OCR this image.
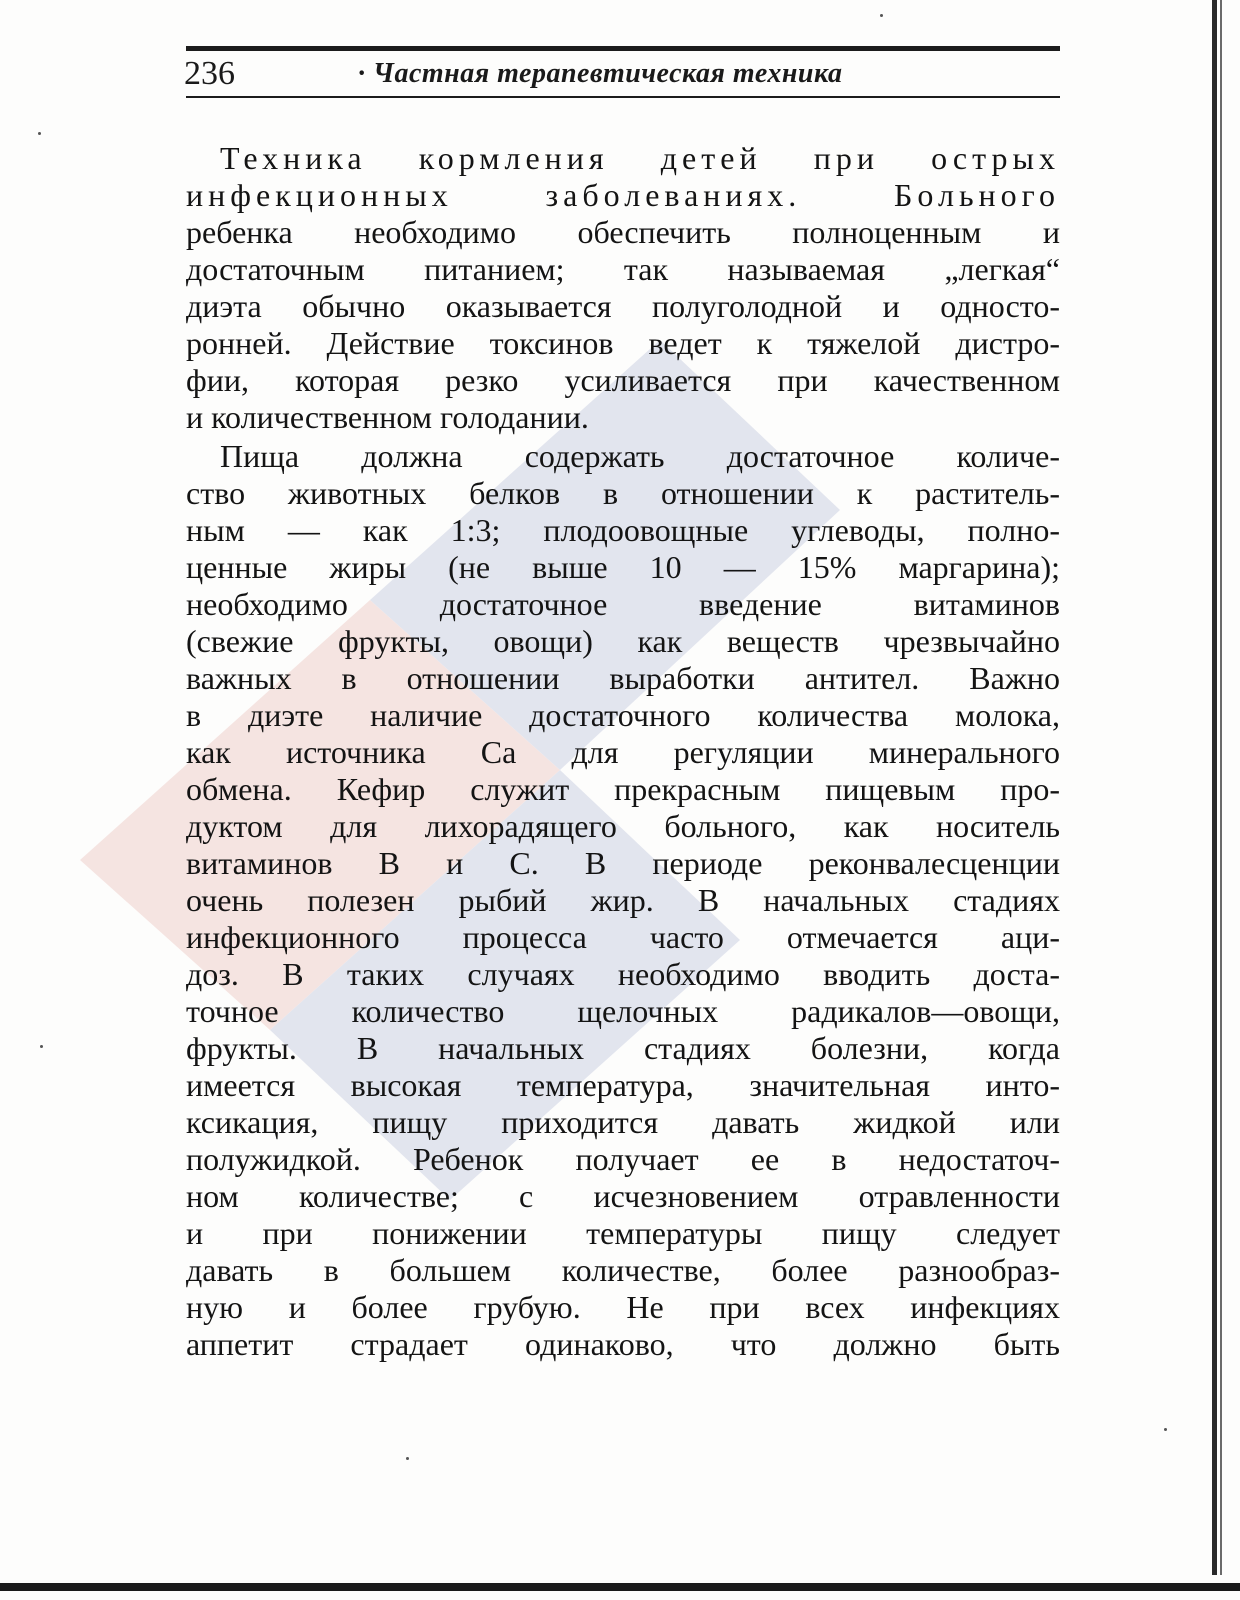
236	· Частная терапевтическая техника
Техника кормления детей при острых
инфекционных заболеваниях. Больного
ребенка необходимо обеспечить полноценным и
достаточным питанием; так называемая „легкая“
диэта обычно оказывается полуголодной и односто-
ронней. Действие токсинов ведет к тяжелой дистро-
фии, которая резко усиливается при качественном
и количественном голодании.
Пища должна содержать достаточное количе-
ство животных белков в отношении к раститель-
ным — как 1:3; плодоовощные углеводы, полно-
ценные жиры (не выше 10 — 15% маргарина);
необходимо достаточное введение витаминов
(свежие фрукты, овощи) как веществ чрезвычайно
важных в отношении выработки антител. Важно
в диэте наличие достаточного количества молока,
как источника Са для регуляции минерального
обмена. Кефир служит прекрасным пищевым про-
дуктом для лихорадящего больного, как носитель
витаминов В и С. В периоде реконвалесценции
очень полезен рыбий жир. В начальных стадиях
инфекционного процесса часто отмечается аци-
доз. В таких случаях необходимо вводить доста-
точное количество щелочных радикалов—овощи,
фрукты. В начальных стадиях болезни, когда
имеется высокая температура, значительная инто-
ксикация, пищу приходится давать жидкой или
полужидкой. Ребенок получает ее в недостаточ-
ном количестве; с исчезновением отравленности
и при понижении температуры пищу следует
давать в большем количестве, более разнообраз-
ную и более грубую. Не при всех инфекциях
аппетит страдает одинаково, что должно быть
